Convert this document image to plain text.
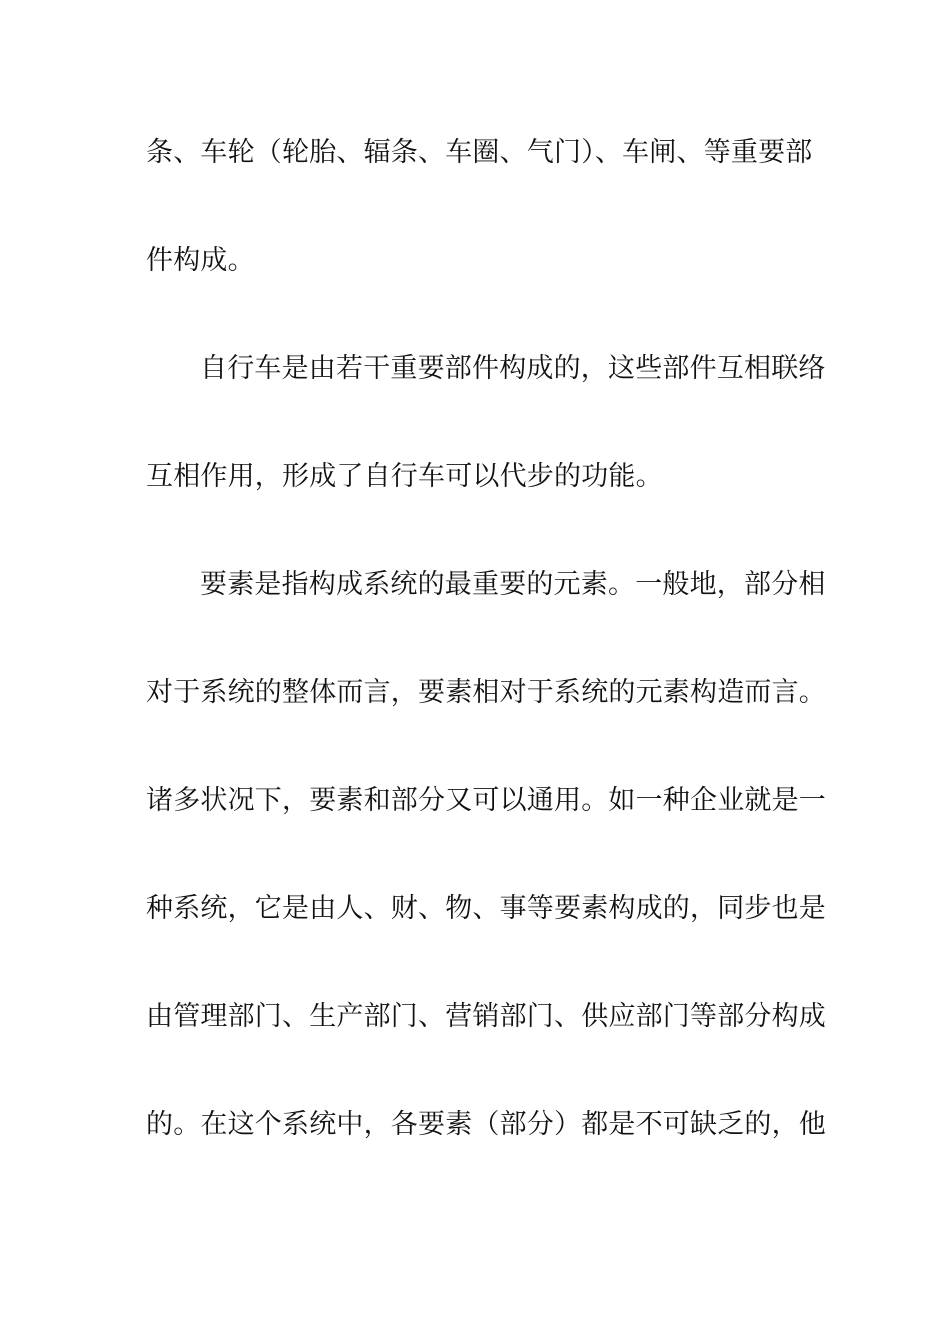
条、车轮（轮胎、辐条、车圈、气门）、车闸、等重要部
件构成。
自行车是由若干重要部件构成的，这些部件互相联络
互相作用，形成了自行车可以代步的功能。
要素是指构成系统的最重要的元素。一般地，部分相
对于系统的整体而言，要素相对于系统的元素构造而言。
诸多状况下，要素和部分又可以通用。如一种企业就是一
种系统，它是由人、财、物、事等要素构成的，同步也是
由管理部门、生产部门、营销部门、供应部门等部分构成
的。在这个系统中，各要素（部分）都是不可缺乏的，他
